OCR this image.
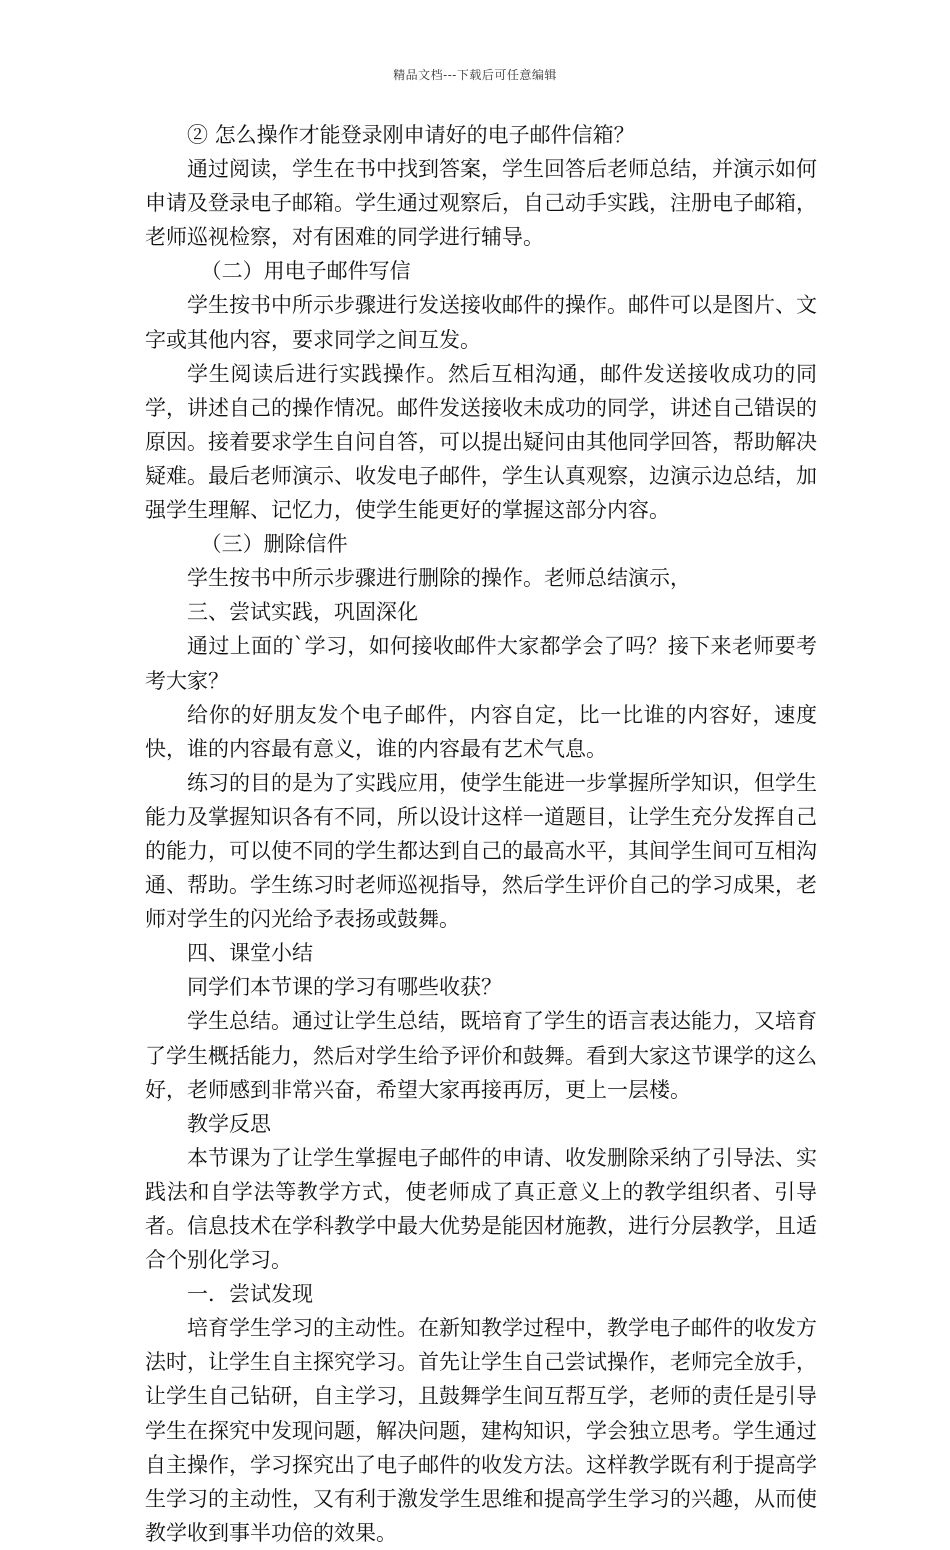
精品文档---下载后可任意编辑

② 怎么操作才能登录刚申请好的电子邮件信箱？

通过阅读，学生在书中找到答案，学生回答后老师总结，并演示如何申请及登录电子邮箱。学生通过观察后，自己动手实践，注册电子邮箱，老师巡视检察，对有困难的同学进行辅导。

（二）用电子邮件写信

学生按书中所示步骤进行发送接收邮件的操作。邮件可以是图片、文字或其他内容，要求同学之间互发。

学生阅读后进行实践操作。然后互相沟通，邮件发送接收成功的同学，讲述自己的操作情况。邮件发送接收未成功的同学，讲述自己错误的原因。接着要求学生自问自答，可以提出疑问由其他同学回答，帮助解决疑难。最后老师演示、收发电子邮件，学生认真观察，边演示边总结，加强学生理解、记忆力，使学生能更好的掌握这部分内容。

（三）删除信件

学生按书中所示步骤进行删除的操作。老师总结演示，

三、尝试实践，巩固深化

通过上面的`学习，如何接收邮件大家都学会了吗？接下来老师要考考大家？

给你的好朋友发个电子邮件，内容自定，比一比谁的内容好，速度快，谁的内容最有意义，谁的内容最有艺术气息。

练习的目的是为了实践应用，使学生能进一步掌握所学知识，但学生能力及掌握知识各有不同，所以设计这样一道题目，让学生充分发挥自己的能力，可以使不同的学生都达到自己的最高水平，其间学生间可互相沟通、帮助。学生练习时老师巡视指导，然后学生评价自己的学习成果，老师对学生的闪光给予表扬或鼓舞。

四、课堂小结

同学们本节课的学习有哪些收获？

学生总结。通过让学生总结，既培育了学生的语言表达能力，又培育了学生概括能力，然后对学生给予评价和鼓舞。看到大家这节课学的这么好，老师感到非常兴奋，希望大家再接再厉，更上一层楼。

教学反思

本节课为了让学生掌握电子邮件的申请、收发删除采纳了引导法、实践法和自学法等教学方式，使老师成了真正意义上的教学组织者、引导者。信息技术在学科教学中最大优势是能因材施教，进行分层教学，且适合个别化学习。

一．尝试发现

培育学生学习的主动性。在新知教学过程中，教学电子邮件的收发方法时，让学生自主探究学习。首先让学生自己尝试操作，老师完全放手，让学生自己钻研，自主学习，且鼓舞学生间互帮互学，老师的责任是引导学生在探究中发现问题，解决问题，建构知识，学会独立思考。学生通过自主操作，学习探究出了电子邮件的收发方法。这样教学既有利于提高学生学习的主动性，又有利于激发学生思维和提高学生学习的兴趣，从而使教学收到事半功倍的效果。
